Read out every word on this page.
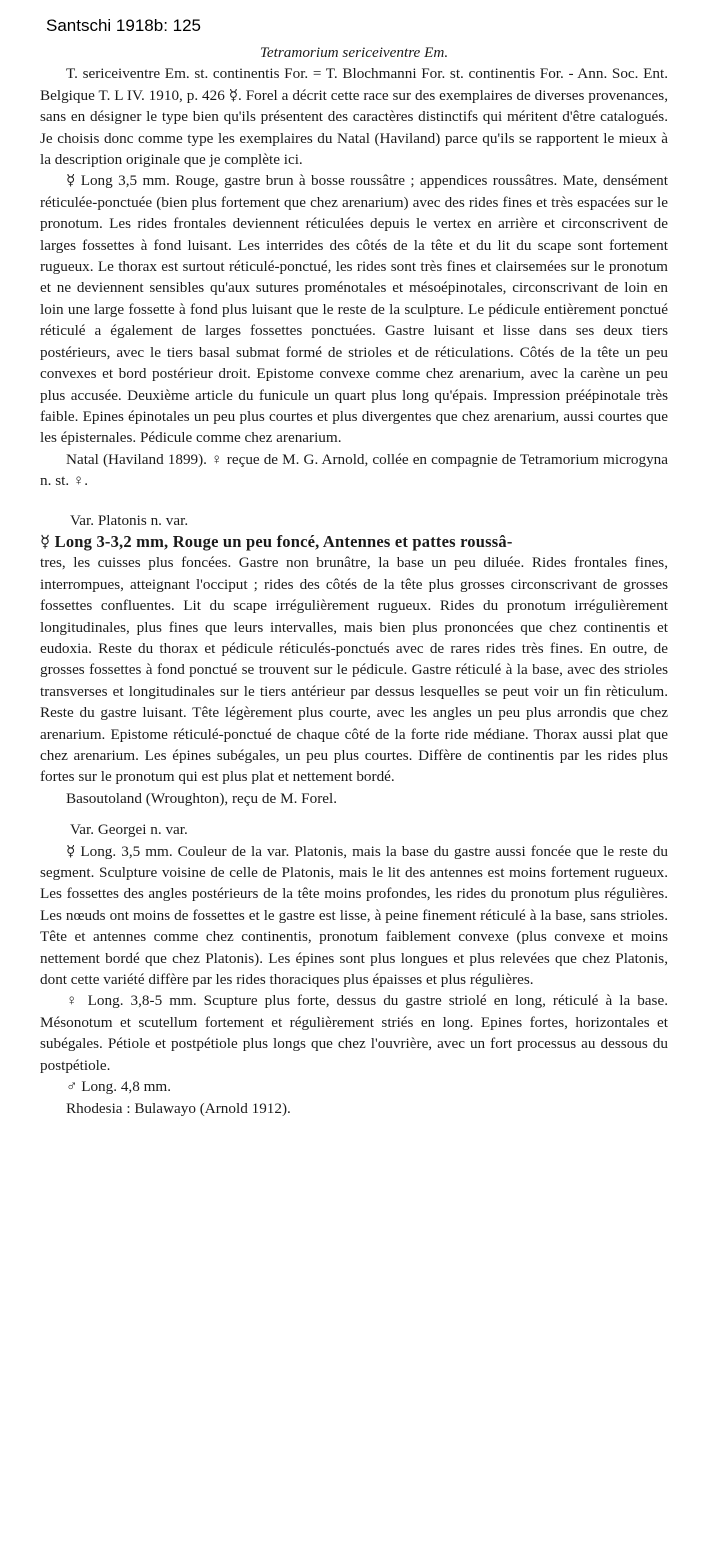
Santschi 1918b: 125

Tetramorium sericeiventre Em.

T. sericeiventre Em. st. continentis For. = T. Blochmanni For. st. continentis For. - Ann. Soc. Ent. Belgique T. L IV. 1910, p. 426 ☿. Forel a décrit cette race sur des exemplaires de diverses provenances, sans en désigner le type bien qu'ils présentent des caractères distinctifs qui méritent d'être catalogués. Je choisis donc comme type les exemplaires du Natal (Haviland) parce qu'ils se rapportent le mieux à la description originale que je complète ici.

☿ Long 3,5 mm. Rouge, gastre brun à bosse roussâtre ; appendices roussâtres. Mate, densément réticulée-ponctuée (bien plus fortement que chez arenarium) avec des rides fines et très espacées sur le pronotum. Les rides frontales deviennent réticulées depuis le vertex en arrière et circonscrivent de larges fossettes à fond luisant. Les interrides des côtés de la tête et du lit du scape sont fortement rugueux. Le thorax est surtout réticulé-ponctué, les rides sont très fines et clairsemées sur le pronotum et ne deviennent sensibles qu'aux sutures proménotales et mésoépinotales, circonscrivant de loin en loin une large fossette à fond plus luisant que le reste de la sculpture. Le pédicule entièrement ponctué réticulé a également de larges fossettes ponctuées. Gastre luisant et lisse dans ses deux tiers postérieurs, avec le tiers basal submat formé de strioles et de réticulations. Côtés de la tête un peu convexes et bord postérieur droit. Epistome convexe comme chez arenarium, avec la carène un peu plus accusée. Deuxième article du funicule un quart plus long qu'épais. Impression préépinotale très faible. Epines épinotales un peu plus courtes et plus divergentes que chez arenarium, aussi courtes que les épisternales. Pédicule comme chez arenarium.

Natal (Haviland 1899). ♀ reçue de M. G. Arnold, collée en compagnie de Tetramorium microgyna n. st. ♀.

Var. Platonis n. var.

☿ Long 3-3,2 mm, Rouge un peu foncé, Antennes et pattes roussâ-

tres, les cuisses plus foncées. Gastre non brunâtre, la base un peu diluée. Rides frontales fines, interrompues, atteignant l'occiput ; rides des côtés de la tête plus grosses circonscrivant de grosses fossettes confluentes. Lit du scape irrégulièrement rugueux. Rides du pronotum irrégulièrement longitudinales, plus fines que leurs intervalles, mais bien plus prononcées que chez continentis et eudoxia. Reste du thorax et pédicule réticulés-ponctués avec de rares rides très fines. En outre, de grosses fossettes à fond ponctué se trouvent sur le pédicule. Gastre réticulé à la base, avec des strioles transverses et longitudinales sur le tiers antérieur par dessus lesquelles se peut voir un fin rèticulum. Reste du gastre luisant. Tête légèrement plus courte, avec les angles un peu plus arrondis que chez arenarium. Epistome réticulé-ponctué de chaque côté de la forte ride médiane. Thorax aussi plat que chez arenarium. Les épines subégales, un peu plus courtes. Diffère de continentis par les rides plus fortes sur le pronotum qui est plus plat et nettement bordé.

Basoutoland (Wroughton), reçu de M. Forel.

Var. Georgei n. var.

☿ Long. 3,5 mm. Couleur de la var. Platonis, mais la base du gastre aussi foncée que le reste du segment. Sculpture voisine de celle de Platonis, mais le lit des antennes est moins fortement rugueux. Les fossettes des angles postérieurs de la tête moins profondes, les rides du pronotum plus régulières. Les nœuds ont moins de fossettes et le gastre est lisse, à peine finement réticulé à la base, sans strioles. Tête et antennes comme chez continentis, pronotum faiblement convexe (plus convexe et moins nettement bordé que chez Platonis). Les épines sont plus longues et plus relevées que chez Platonis, dont cette variété diffère par les rides thoraciques plus épaisses et plus régulières.

♀ Long. 3,8-5 mm. Scupture plus forte, dessus du gastre striolé en long, réticulé à la base. Mésonotum et scutellum fortement et régulièrement striés en long. Epines fortes, horizontales et subégales. Pétiole et postpétiole plus longs que chez l'ouvrière, avec un fort processus au dessous du postpétiole.

♂ Long. 4,8 mm.

Rhodesia : Bulawayo (Arnold 1912).
